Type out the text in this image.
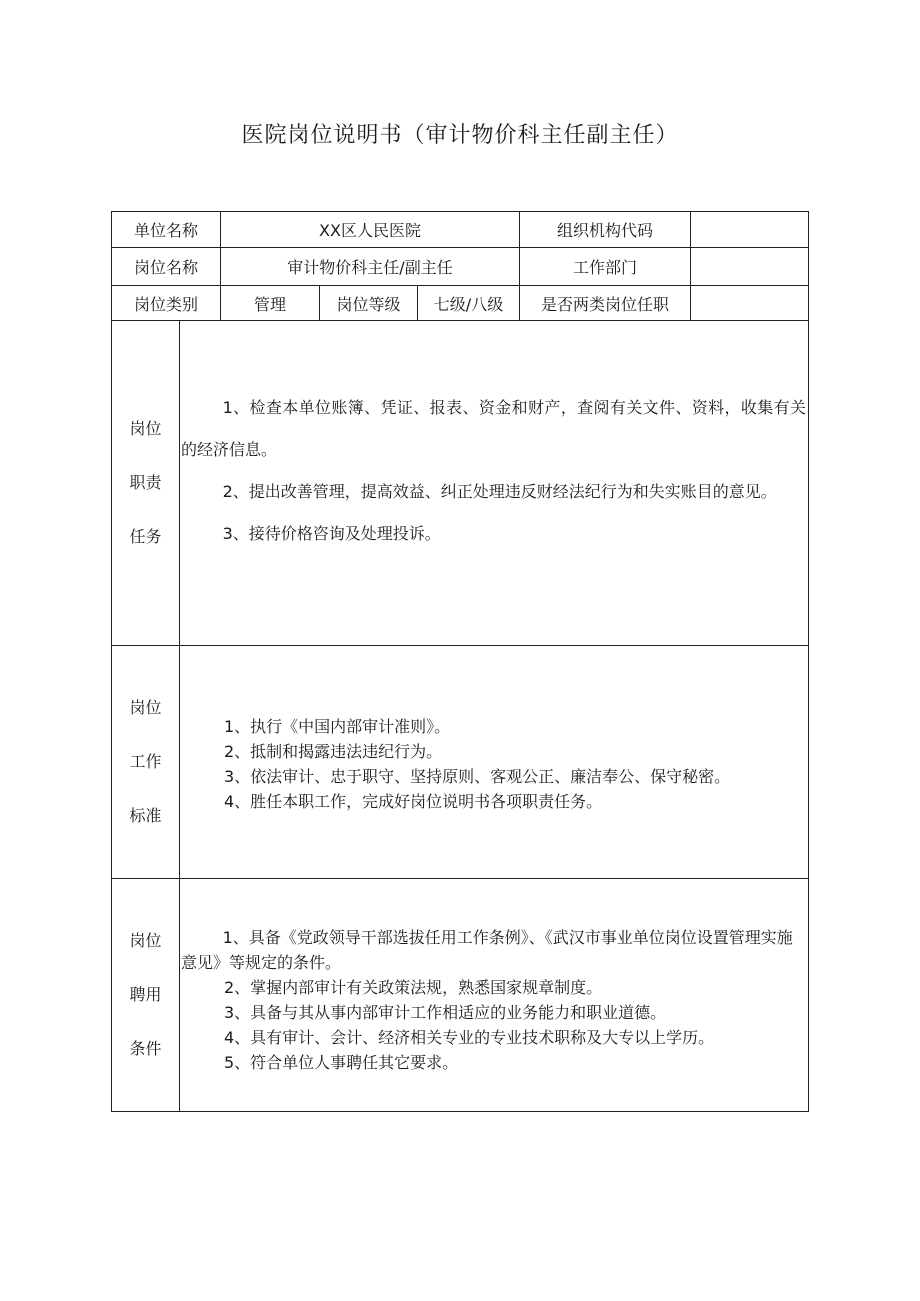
医院岗位说明书（审计物价科主任副主任）
单位名称	XX区人民医院	组织机构代码
岗位名称	审计物价科主任/副主任	工作部门
岗位类别	管理	岗位等级	七级/八级	是否两类岗位任职
岗位
职责
任务
1、检查本单位账簿、凭证、报表、资金和财产，查阅有关文件、资料，收集有关的经济信息。
2、提出改善管理，提高效益、纠正处理违反财经法纪行为和失实账目的意见。
3、接待价格咨询及处理投诉。
岗位
工作
标准
1、执行《中国内部审计准则》。
2、抵制和揭露违法违纪行为。
3、依法审计、忠于职守、坚持原则、客观公正、廉洁奉公、保守秘密。
4、胜任本职工作，完成好岗位说明书各项职责任务。
岗位
聘用
条件
1、具备《党政领导干部选拔任用工作条例》、《武汉市事业单位岗位设置管理实施意见》等规定的条件。
2、掌握内部审计有关政策法规，熟悉国家规章制度。
3、具备与其从事内部审计工作相适应的业务能力和职业道德。
4、具有审计、会计、经济相关专业的专业技术职称及大专以上学历。
5、符合单位人事聘任其它要求。
